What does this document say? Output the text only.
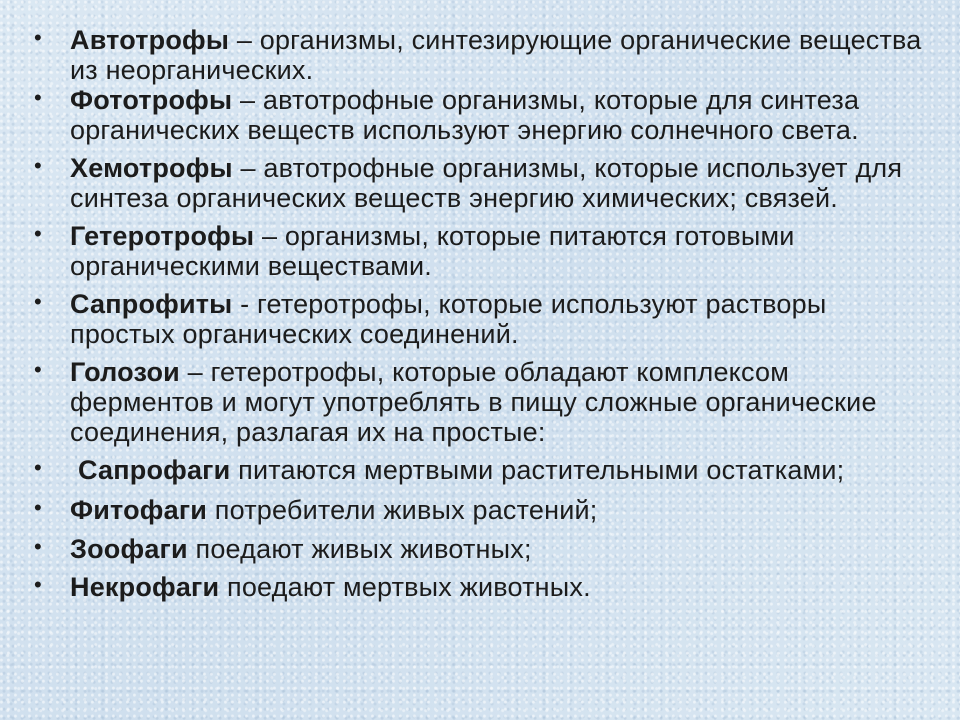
• Автотрофы – организмы, синтезирующие органические вещества из неорганических.
• Фототрофы – автотрофные организмы, которые для синтеза органических веществ используют энергию солнечного света.
• Хемотрофы – автотрофные организмы, которые использует для синтеза органических веществ энергию химических; связей.
• Гетеротрофы – организмы, которые питаются готовыми органическими веществами.
• Сапрофиты - гетеротрофы, которые используют растворы простых органических соединений.
• Голозои – гетеротрофы, которые обладают комплексом ферментов и могут употреблять в пищу сложные органические соединения, разлагая их на простые:
• Сапрофаги питаются мертвыми растительными остатками;
• Фитофаги потребители живых растений;
• Зоофаги поедают живых животных;
• Некрофаги поедают мертвых животных.
